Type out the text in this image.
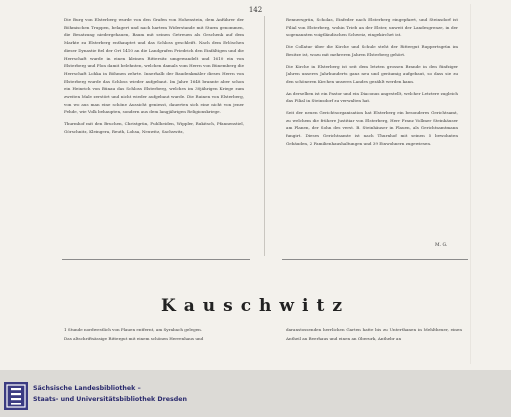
142

Die Burg von Elsterberg wurde von den Grafen von Hohenstein, dem Anführer der Böhmischen Truppen, belagert und nach hartem Widerstande mit Sturm genommen, die Besatzung niedergehauen, Baum mit seinen Getreuen als Geschenk auf dem Markte zu Elsterberg enthauptet und das Schloss geschleift. Nach dem Erlöschen dieser Dynastie fiel der Ort 1410 an die Landgrafen Friedrich den Einfältigen und die Herrschaft wurde in einen kleinen Rittersitz umgewandelt und 1610 ein von Elsterberg und Plon damit belehnten, welchen damals vom Herrn von Bünemberg die Herrschaft Lohka in Böhmen zehrte. Innerhalb der Baudenkmäler dieses Herrn von Elsterberg wurde das Schloss wieder aufgebaut. Im Jahre 1648 brannte aber schon ein Heinrich von Bünau das Schloss Elsterberg, welches im 30jährigen Kriege zum zweiten Male zerstört und nicht wieder aufgebaut wurde. Die Ruinen von Elsterberg, von wo aus man eine schöne Aussicht geniesst, dauerten sich eine nicht von jener Fehde, wie Volk behaupten, sondern aus dem langjährigen Religionskriege.

Thurmhof mit den Bruchen, Christgrün, Fuhlheiden, Wippler, Rukitsch, Pfannenstiel, Görschnitz, Kleingera, Reuth, Lohsa, Neuwitz, Sachswitz,

Rennersgrün, Scholas, Einfeder nach Elsterberg eingepfarrt, und Steinsdorf ist Filial von Elsterberg, wohin Trieb an der Elster, unweit der Landesgrenze, in der sogenannten voigtländischen Schweiz, eingekirchet ist.

Die Collatur über die Kirche und Schule steht der Rittergut Ruppertsgrün im Besitze ist, wozu mit mehreren Jahren Elsterberg gehört.

Die Kirche in Elsterberg ist seit dem letzten grossen Brande in den fünfziger Jahren unseres Jahrhunderts ganz neu und geräumig aufgebaut, so dass sie zu den schöneren Kirchen unseres Landes gezählt werden kann.

An derselben ist ein Pastor und ein Diaconus angestellt, welcher Letztere zugleich das Filial in Steinsdorf zu verwalten hat.

Seit der neuen Gerichtsorganisation hat Elsterberg ein besonderes Gerichtsamt, zu welchem die frühere Justitiar von Elsterberg, Herr Franz Vollmer Steinhäuser am Planen, der Sohn des verst. B. Steinhäuser in Plauen, als Gerichtsamtmann fungirt. Dieses Gerichtsamte ist nach Thurnhof mit seinen 5 bewohnten Gebäuden, 2 Familienhaushaltungen und 39 Einwohnern zugewiesen.

M. G.
Kauschwitz

1 Stunde nordwestlich von Plauen entfernt, am Syrabach gelegen.

Das altschriftsässige Rittergut mit einem schönen Herrenhaus und

daranstossenden herrlichen Garten hatte bis zu Unterthanen in Mehltheuer, einen Antheil an Beerhaus und einen an Oberurk, Anthebr an

Sächsische Landesbibliothek –
Staats- und Universitätsbibliothek Dresden
